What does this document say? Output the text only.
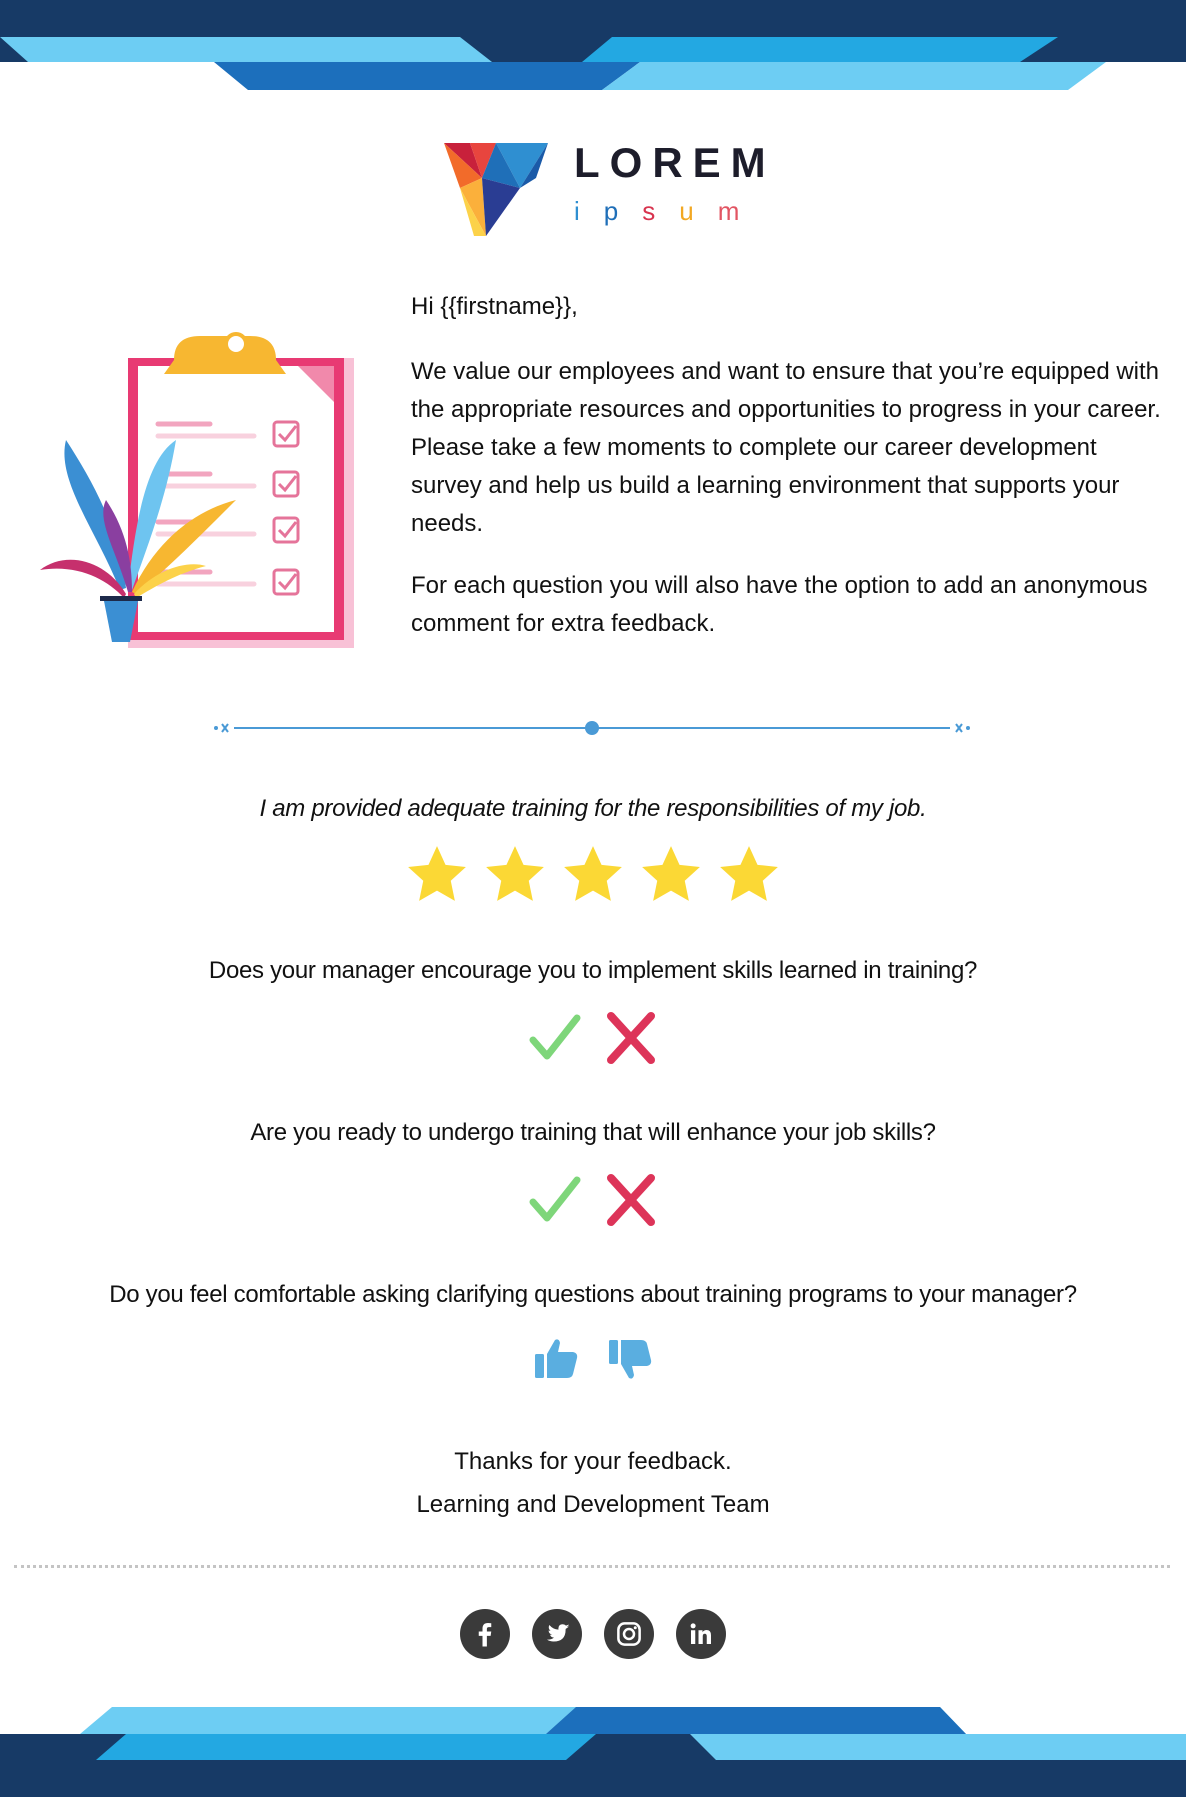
LOREM
ipsum

Hi {{firstname}},

We value our employees and want to ensure that you’re equipped with the appropriate resources and opportunities to progress in your career. Please take a few moments to complete our career development survey and help us build a learning environment that supports your needs.

For each question you will also have the option to add an anonymous comment for extra feedback.

I am provided adequate training for the responsibilities of my job.
Does your manager encourage you to implement skills learned in training?
Are you ready to undergo training that will enhance your job skills?
Do you feel comfortable asking clarifying questions about training programs to your manager?
Thanks for your feedback.
Learning and Development Team
